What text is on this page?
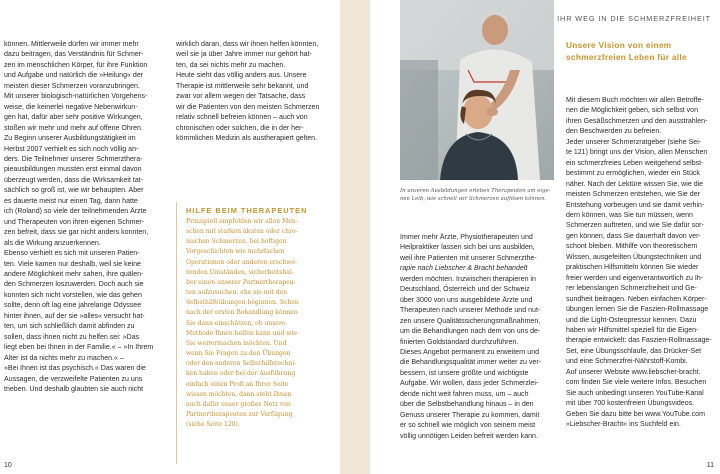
können. Mittlerweile dürfen wir immer mehr

dazu beitragen, das Verständnis für Schmer-

zen im menschlichen Körper, für ihre Funktion

und Aufgabe und natürlich die »Heilung« der

meisten dieser Schmerzen voranzubringen.

Mit unserer biologisch-natürlichen Vorgehens-

weise, die keinerlei negative Nebenwirkun-

gen hat, dafür aber sehr positive Wirkungen,

stoßen wir mehr und mehr auf offene Ohren.

Zu Beginn unserer Ausbildungstätigkeit im

Herbst 2007 verhielt es sich noch völlig an-

ders. Die Teilnehmer unserer Schmerzthera-

pieausbildungen mussten erst einmal davon

überzeugt werden, dass die Wirksamkeit tat-

sächlich so groß ist, wie wir behaupten. Aber

es dauerte meist nur einen Tag, dann hatte

ich (Roland) so viele der teilnehmenden Ärzte

und Therapeuten von ihren eigenen Schmer-

zen befreit, dass sie gar nicht anders konnten,

als die Wirkung anzuerkennen.

Ebenso verhielt es sich mit unseren Patien-

ten. Viele kamen nur deshalb, weil sie keine

andere Möglichkeit mehr sahen, ihre quälen-

den Schmerzen loszuwerden. Doch auch sie

konnten sich nicht vorstellen, wie das gehen

sollte, denn oft lag eine jahrelange Odyssee

hinter ihnen, auf der sie »alles« versucht hat-

ten, um sich schließlich damit abfinden zu

sollen, dass ihnen nicht zu helfen sei: »Das

liegt eben bei Ihnen in der Familie.« – »In Ihrem

Alter ist da nichts mehr zu machen.« –

»Bei Ihnen ist das psychisch.« Das waren die

Aussagen, die verzweifelte Patienten zu uns

trieben. Und deshalb glaubten sie auch nicht

wirklich daran, dass wir ihnen helfen könnten,

weil sie ja über Jahre immer nur gehört hat-

ten, da sei nichts mehr zu machen.

Heute sieht das völlig anders aus. Unsere

Therapie ist mittlerweile sehr bekannt, und

zwar vor allem wegen der Tatsache, dass

wir die Patienten von den meisten Schmerzen

relativ schnell befreien können – auch von

chronischen oder solchen, die in der her-

kömmlichen Medizin als austherapiert gelten.

HILFE BEIM THERAPEUTEN

Prinzipiell empfehlen wir allen Men-

schen mit starken akuten oder chro-

nischen Schmerzen, bei heftigen

Vorgeschichten wie mehrfachen

Operationen oder anderen erschwe-

renden Umständen, sicherheitshal-

ber einen unserer Partnertherapeu-

ten aufzusuchen, ehe sie mit den

Selbsthilfeübungen beginnen. Schon

nach der ersten Behandlung können

Sie dann einschätzen, ob unsere

Methode Ihnen helfen kann und wie

Sie weitermachen möchten. Und

wenn Sie Fragen zu den Übungen

oder den anderen Selbsthilfetechni-

ken haben oder bei der Ausführung

einfach einen Profi an Ihrer Seite

wissen möchten, dann steht Ihnen

auch dafür unser großes Netz von

Partnertherapeuten zur Verfügung

(siehe Seite 120).

10

In unseren Ausbildungen erleben Therapeuten am eige-

nen Leib, wie schnell wir Schmerzen auflösen können.

IHR WEG IN DIE SCHMERZFREIHEIT

Immer mehr Ärzte, Physiotherapeuten und

Heilpraktiker lassen sich bei uns ausbilden,

weil ihre Patienten mit unserer Schmerzthe-

rapie nach Liebscher & Bracht behandelt

werden möchten. Inzwischen therapieren in

Deutschland, Österreich und der Schweiz

über 3000 von uns ausgebildete Ärzte und

Therapeuten nach unserer Methode und nut-

zen unsere Qualitätssicherungsmaßnahmen,

um die Behandlungen nach dem von uns de-

finierten Goldstandard durchzuführen.

Dieses Angebot permanent zu erweitern und

die Behandlungsqualität immer weiter zu ver-

bessern, ist unsere größte und wichtigste

Aufgabe. Wir wollen, dass jeder Schmerzlei-

dende nicht weit fahren muss, um – auch

über die Selbstbehandlung hinaus – in den

Genuss unserer Therapie zu kommen, damit

er so schnell wie möglich von seinem meist

völlig unnötigen Leiden befreit werden kann.

Unsere Vision von einem

schmerzfreien Leben für alle

Mit diesem Buch möchten wir allen Betroffe-

nen die Möglichkeit geben, sich selbst von

ihren Gesäßschmerzen und den ausstrahlen-

den Beschwerden zu befreien.

Jeder unserer Schmerzratgeber (siehe Sei-

te 121) bringt uns der Vision, allen Menschen

ein schmerzfreies Leben weitgehend selbst-

bestimmt zu ermöglichen, wieder ein Stück

näher. Nach der Lektüre wissen Sie, wie die

meisten Schmerzen entstehen, wie Sie der

Entstehung vorbeugen und sie damit verhin-

dern können, was Sie tun müssen, wenn

Schmerzen auftreten, und wie Sie dafür sor-

gen können, dass Sie dauerhaft davon ver-

schont bleiben. Mithilfe von theoretischem

Wissen, ausgefeilten Übungstechniken und

praktischen Hilfsmitteln können Sie wieder

freier werden und eigenverantwortlich zu Ih-

rer lebenslangen Schmerzfreiheit und Ge-

sundheit beitragen. Neben einfachen Körper-

übungen lernen Sie die Faszien-Rollmassage

und die Light-Osteopressur kennen. Dazu

haben wir Hilfsmittel speziell für die Eigen-

therapie entwickelt: das Faszien-Rollmassage-

Set, eine Übungsschlaufe, das Drücker-Set

und eine Schmerzfrei-Nährstoff-Kombi.

Auf unserer Website www.liebscher-bracht.

com finden Sie viele weitere Infos. Besuchen

Sie auch unbedingt unseren YouTube-Kanal

mit über 700 kostenfreien Übungsvideos.

Geben Sie dazu bitte bei www.YouTube.com

»Liebscher-Bracht« ins Suchfeld ein.

11
